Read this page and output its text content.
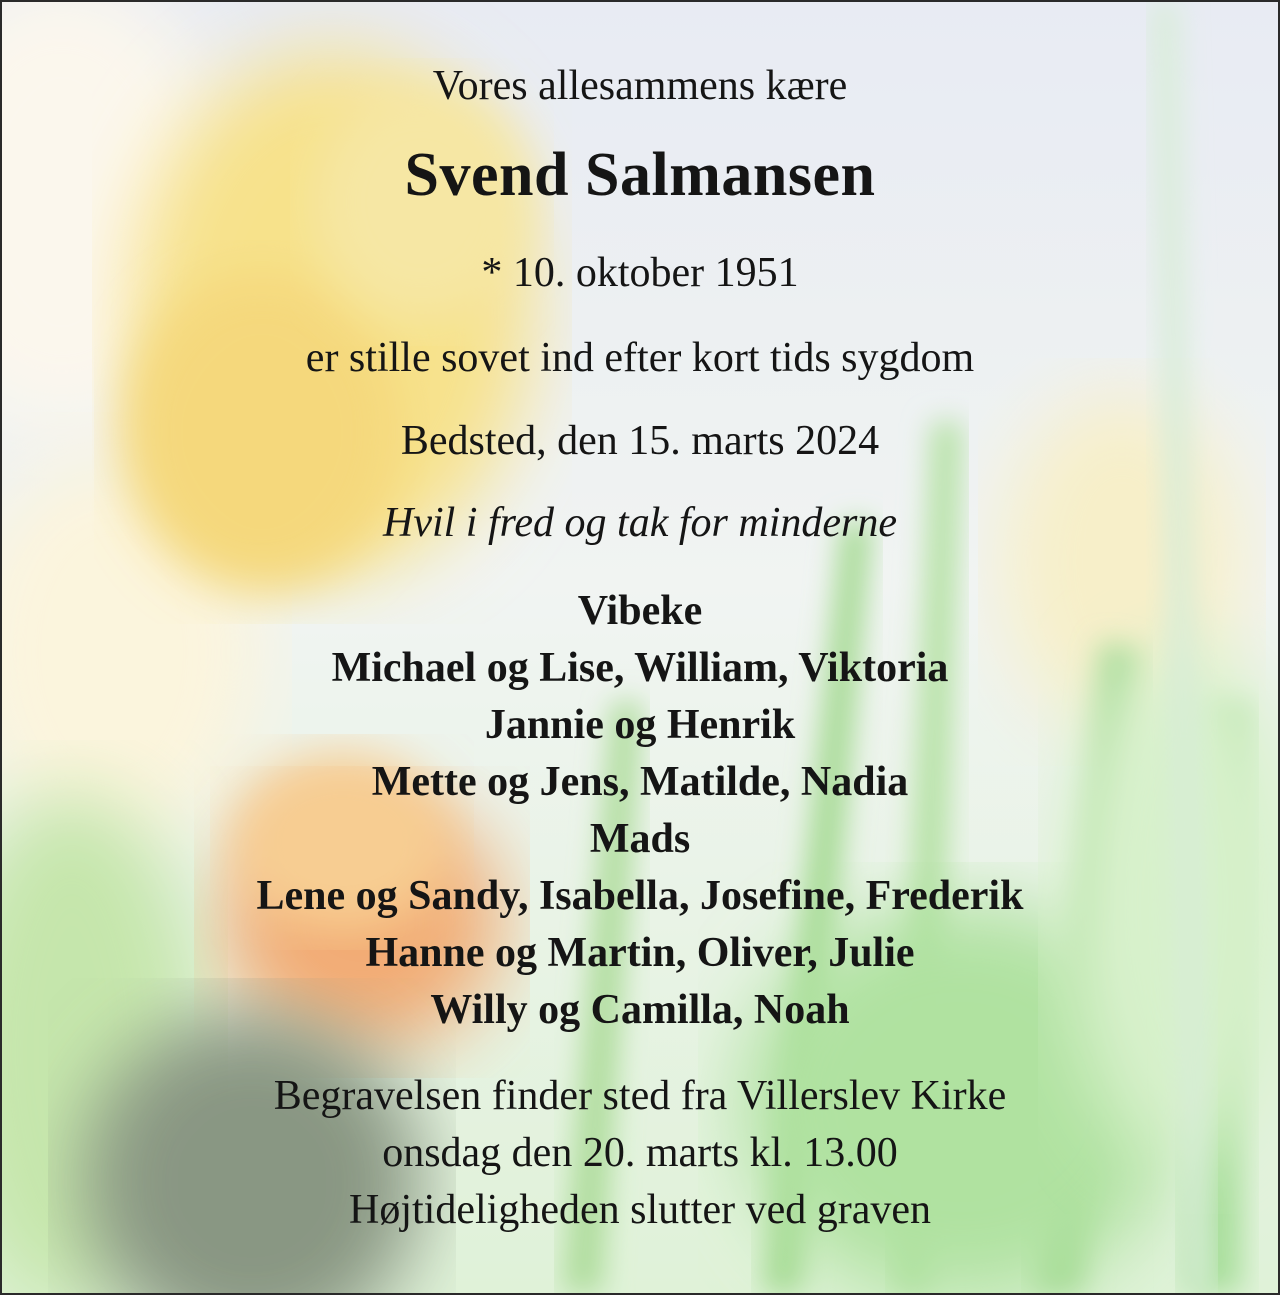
Vores allesammens kære
Svend Salmansen
* 10. oktober 1951
er stille sovet ind efter kort tids sygdom
Bedsted, den 15. marts 2024
Hvil i fred og tak for minderne
Vibeke
Michael og Lise, William, Viktoria
Jannie og Henrik
Mette og Jens, Matilde, Nadia
Mads
Lene og Sandy, Isabella, Josefine, Frederik
Hanne og Martin, Oliver, Julie
Willy og Camilla, Noah
Begravelsen finder sted fra Villerslev Kirke
onsdag den 20. marts kl. 13.00
Højtideligheden slutter ved graven
